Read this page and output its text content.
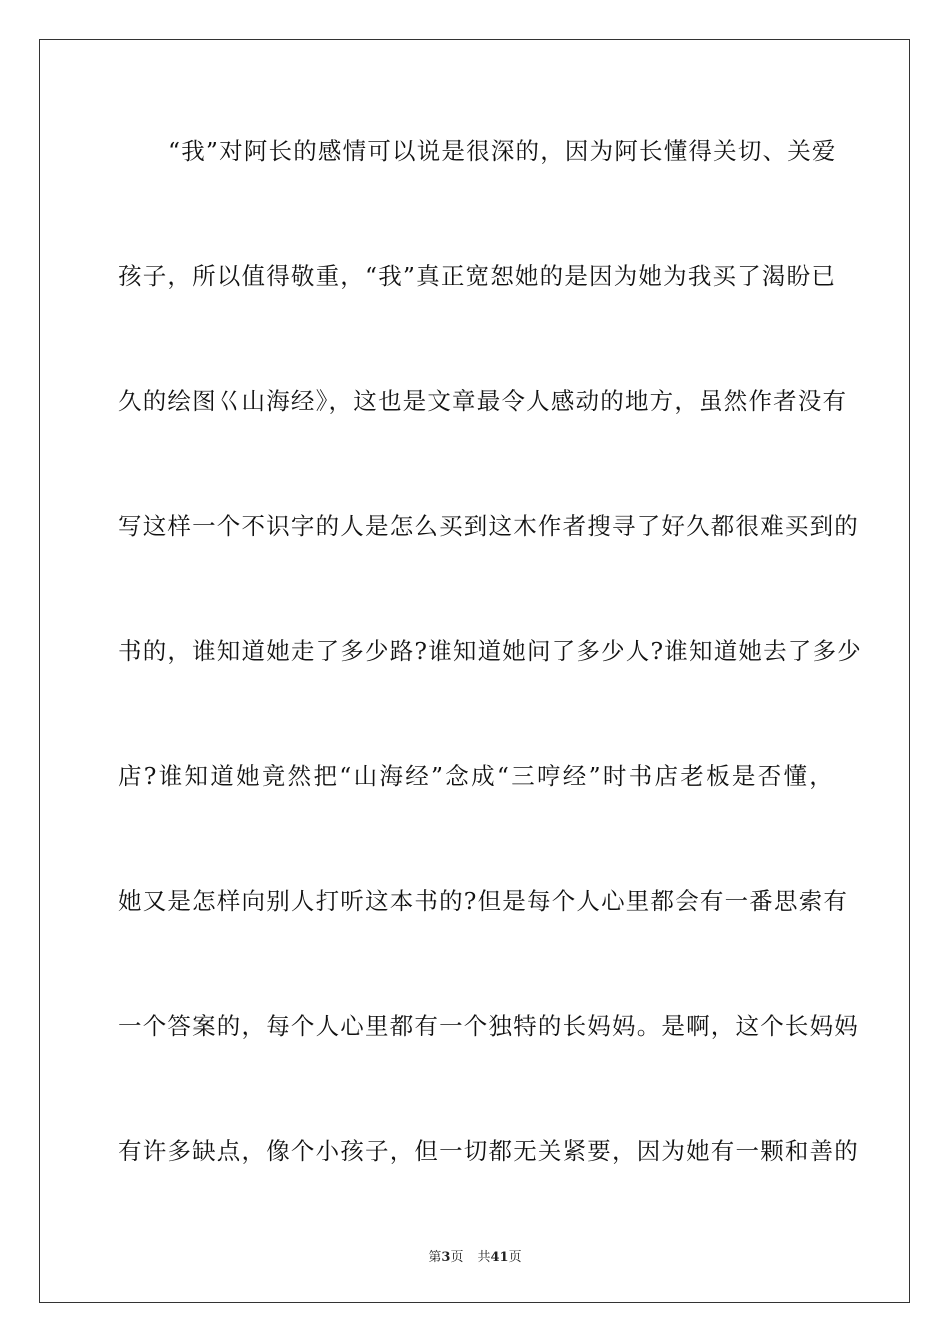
“我”对阿长的感情可以说是很深的，因为阿长懂得关切、关爱
孩子，所以值得敬重，“我”真正宽恕她的是因为她为我买了渴盼已
久的绘图巜山海经》，这也是文章最令人感动的地方，虽然作者没有
写这样一个不识字的人是怎么买到这木作者搜寻了好久都很难买到的
书的，谁知道她走了多少路?谁知道她问了多少人?谁知道她去了多少
店?谁知道她竟然把“山海经”念成“三哼经”时书店老板是否懂，
她又是怎样向别人打听这本书的?但是每个人心里都会有一番思索有
一个答案的，每个人心里都有一个独特的长妈妈。是啊，这个长妈妈
有许多缺点，像个小孩子，但一切都无关紧要，因为她有一颗和善的
第3页 共41页
